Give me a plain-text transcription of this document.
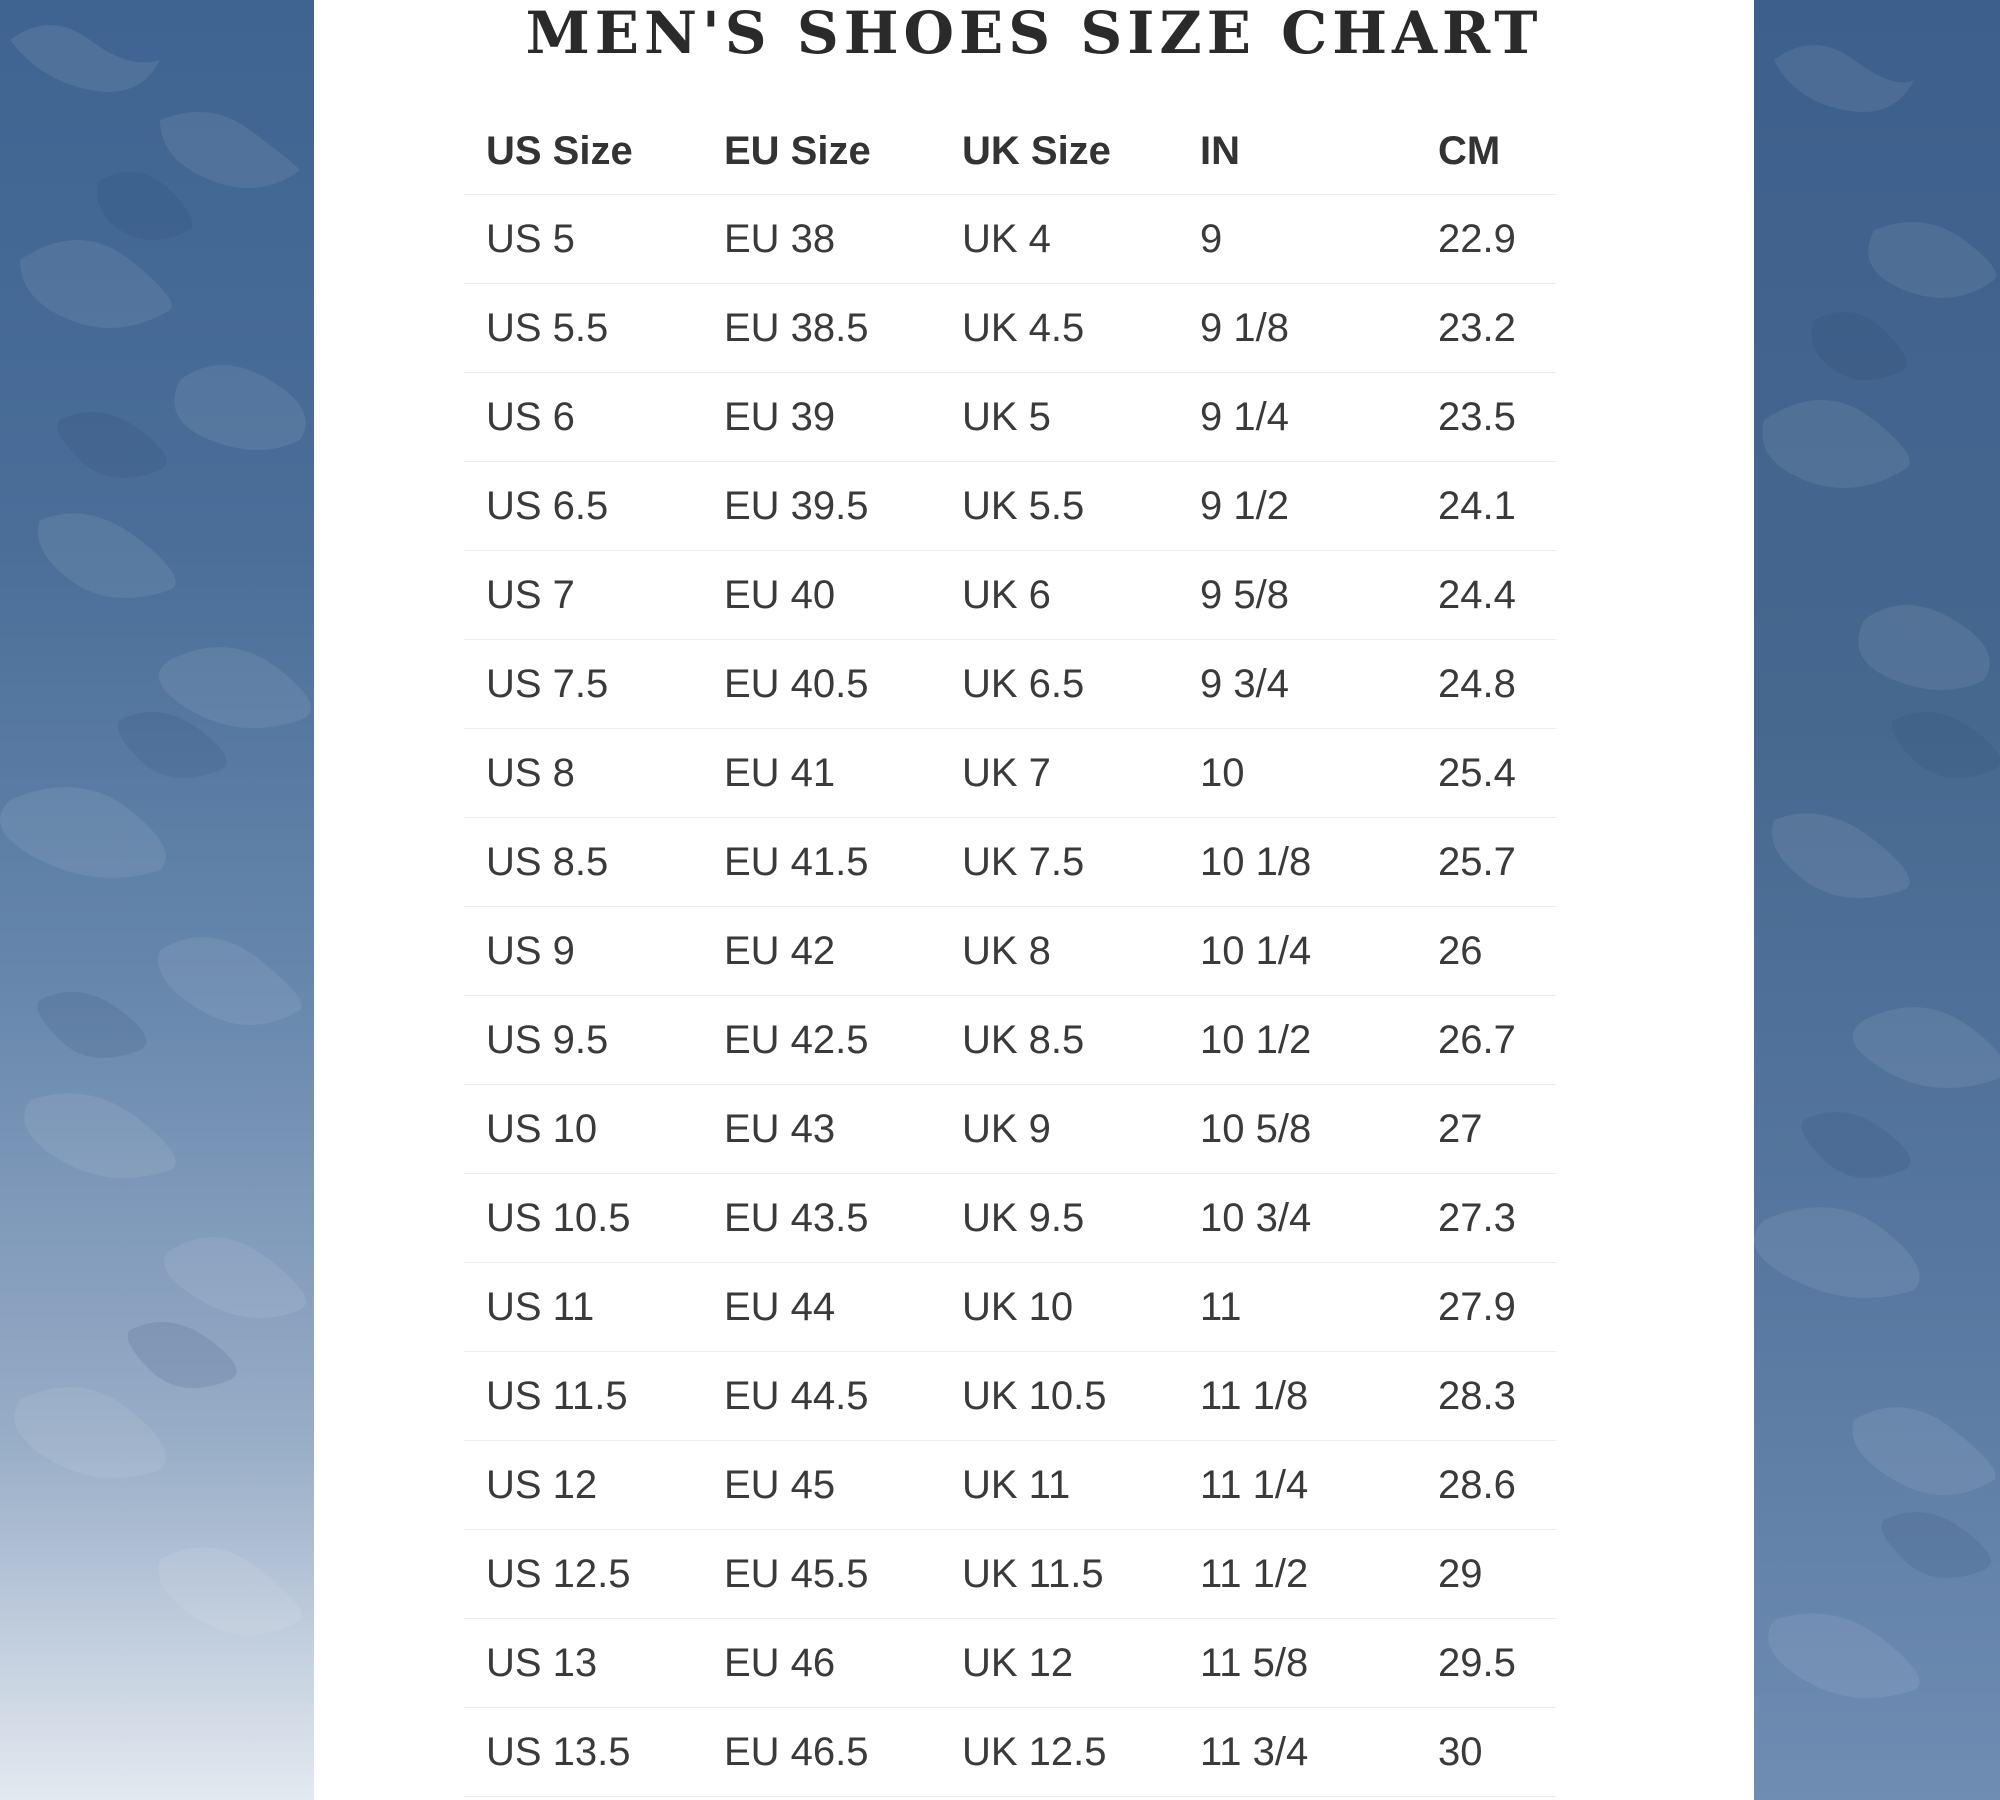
MEN'S SHOES SIZE CHART
US Size	EU Size	UK Size	IN	CM
US 5	EU 38	UK 4	9	22.9
US 5.5	EU 38.5	UK 4.5	9 1/8	23.2
US 6	EU 39	UK 5	9 1/4	23.5
US 6.5	EU 39.5	UK 5.5	9 1/2	24.1
US 7	EU 40	UK 6	9 5/8	24.4
US 7.5	EU 40.5	UK 6.5	9 3/4	24.8
US 8	EU 41	UK 7	10	25.4
US 8.5	EU 41.5	UK 7.5	10 1/8	25.7
US 9	EU 42	UK 8	10 1/4	26
US 9.5	EU 42.5	UK 8.5	10 1/2	26.7
US 10	EU 43	UK 9	10 5/8	27
US 10.5	EU 43.5	UK 9.5	10 3/4	27.3
US 11	EU 44	UK 10	11	27.9
US 11.5	EU 44.5	UK 10.5	11 1/8	28.3
US 12	EU 45	UK 11	11 1/4	28.6
US 12.5	EU 45.5	UK 11.5	11 1/2	29
US 13	EU 46	UK 12	11 5/8	29.5
US 13.5	EU 46.5	UK 12.5	11 3/4	30
